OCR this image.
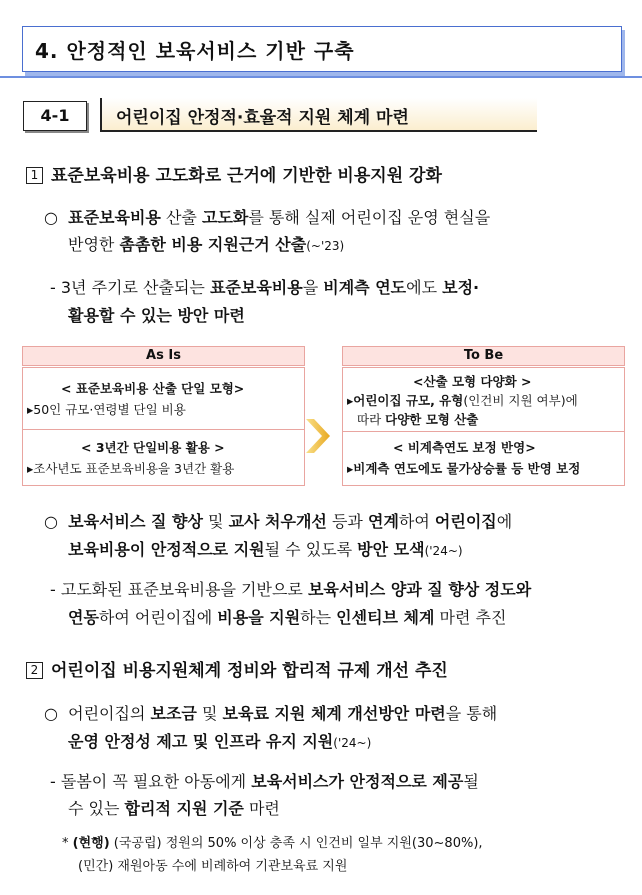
4. 안정적인 보육서비스 기반 구축
4-1	어린이집 안정적·효율적 지원 체계 마련
1 표준보육비용 고도화로 근거에 기반한 비용지원 강화
○  표준보육비용 산출 고도화를 통해 실제 어린이집 운영 현실을
반영한 촘촘한 비용 지원근거 산출(~'23)
- 3년 주기로 산출되는 표준보육비용을 비계측 연도에도 보정·
활용할 수 있는 방안 마련
As Is
< 표준보육비용 산출 단일 모형>
▸50인 규모·연령별 단일 비용
< 3년간 단일비용 활용 >
▸조사년도 표준보육비용을 3년간 활용
To Be
<산출 모형 다양화 >
▸어린이집 규모, 유형(인건비 지원 여부)에
따라 다양한 모형 산출
< 비계측연도 보정 반영>
▸비계측 연도에도 물가상승률 등 반영 보정
○  보육서비스 질 향상 및 교사 처우개선 등과 연계하여 어린이집에
보육비용이 안정적으로 지원될 수 있도록 방안 모색('24~)
- 고도화된 표준보육비용을 기반으로 보육서비스 양과 질 향상 정도와
연동하여 어린이집에 비용을 지원하는 인센티브 체계 마련 추진
2 어린이집 비용지원체계 정비와 합리적 규제 개선 추진
○  어린이집의 보조금 및 보육료 지원 체계 개선방안 마련을 통해
운영 안정성 제고 및 인프라 유지 지원('24~)
- 돌봄이 꼭 필요한 아동에게 보육서비스가 안정적으로 제공될
수 있는 합리적 지원 기준 마련
* (현행) (국공립) 정원의 50% 이상 충족 시 인건비 일부 지원(30~80%),
(민간) 재원아동 수에 비례하여 기관보육료 지원
